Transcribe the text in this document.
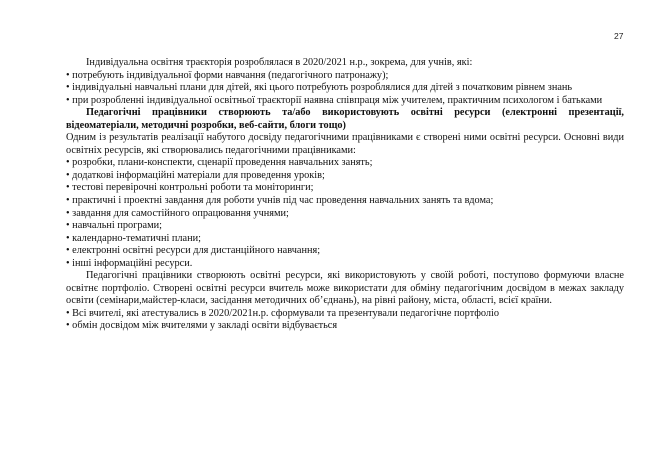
27

Індивідуальна освітня траєкторія розроблялася в 2020/2021 н.р., зокрема, для учнів, які:

• потребують індивідуальної форми навчання (педагогічного патронажу);

• індивідуальні навчальні плани для дітей, які цього потребують розроблялися для дітей з початковим рівнем знань

• при розробленні індивідуальної освітньої траєкторії наявна співпраця між учителем, практичним психологом і батьками

Педагогічні працівники створюють та/або використовують освітні ресурси (електронні презентації, відеоматеріали, методичні розробки, веб-сайти, блоги тощо)

Одним із результатів реалізації набутого досвіду педагогічними працівниками є створені ними освітні ресурси. Основні види освітніх ресурсів, які створювались педагогічними працівниками:

• розробки, плани-конспекти, сценарії проведення навчальних занять;

• додаткові інформаційні матеріали для проведення уроків;

• тестові перевірочні контрольні роботи та моніторинги;

• практичні і проектні завдання для роботи учнів під час проведення навчальних занять та вдома;

• завдання для самостійного опрацювання учнями;

• навчальні програми;

• календарно-тематичні плани;

• електронні освітні ресурси для дистанційного навчання;

• інші інформаційні ресурси.

Педагогічні працівники створюють освітні ресурси, які використовують у своїй роботі, поступово формуючи власне освітнє портфоліо. Створені освітні ресурси вчитель може використати для обміну педагогічним досвідом в межах закладу освіти (семінари,майстер-класи, засідання методичних об’єднань), на рівні району, міста, області, всієї країни.

• Всі вчителі, які атестувались в 2020/2021н.р. сформували та презентували педагогічне портфоліо

• обмін досвідом між вчителями у закладі освіти відбувається
